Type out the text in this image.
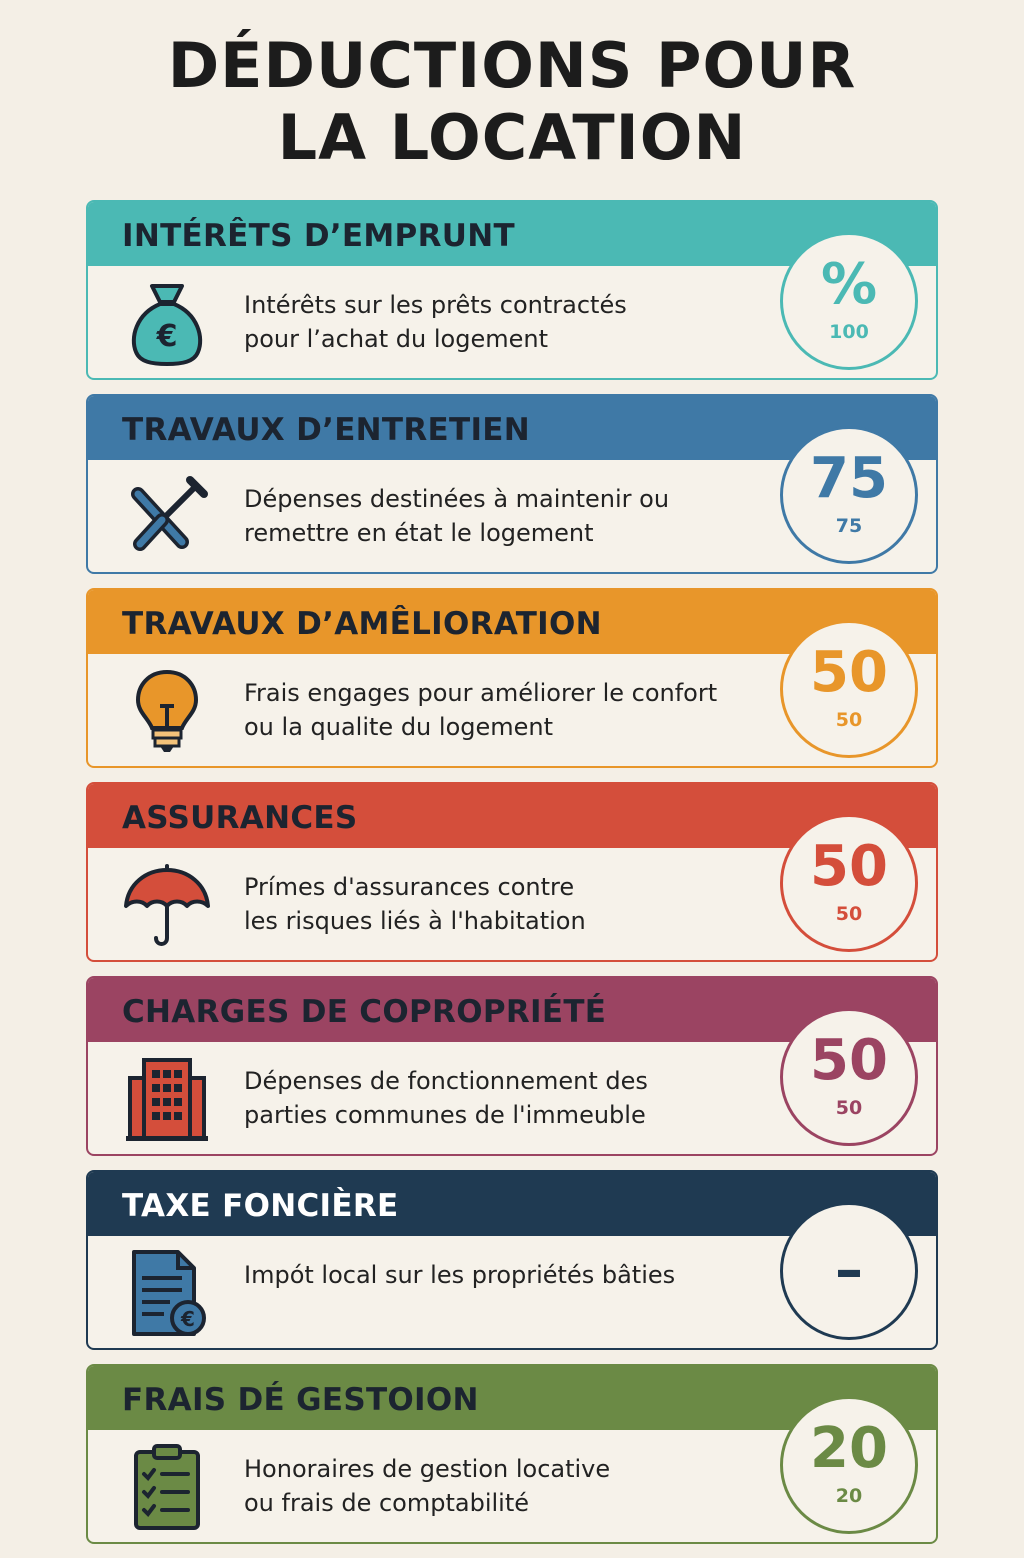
DÉDUCTIONS POUR
LA LOCATION
INTÉRÊTS D’EMPRUNT
€
Intérêts sur les prêts contractés
pour l’achat du logement
%
100
TRAVAUX D’ENTRETIEN
Dépenses destinées à maintenir ou
remettre en état le logement
75
75
TRAVAUX D’AMÊLIORATION
Frais engages pour améliorer le confort
ou la qualite du logement
50
50
ASSURANCES
Prímes d'assurances contre
les risques liés à l'habitation
50
50
CHARGES DE COPROPRIÉTÉ
Dépenses de fonctionnement des
parties communes de l'immeuble
50
50
TAXE FONCIÈRE
€
Impót local sur les propriétés bâties	–
FRAIS DÉ GESTOION
Honoraires de gestion locative
ou frais de comptabilité
20
20
